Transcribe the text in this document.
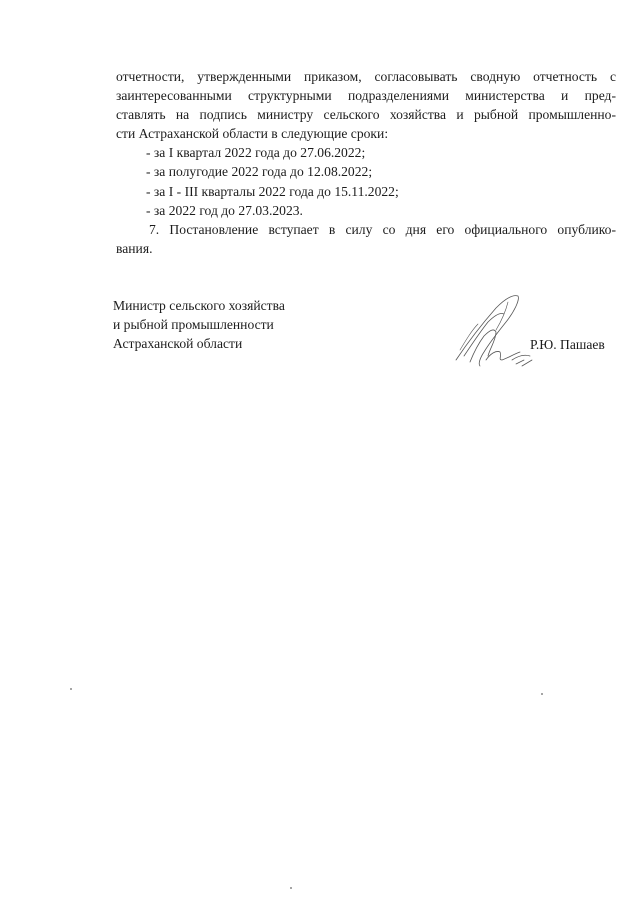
отчетности, утвержденными приказом, согласовывать сводную отчетность с
заинтересованными структурными подразделениями министерства и пред-
ставлять на подпись министру сельского хозяйства и рыбной промышленно-
сти Астраханской области в следующие сроки:
- за I квартал 2022 года до 27.06.2022;
- за полугодие 2022 года до 12.08.2022;
- за I - III кварталы 2022 года до 15.11.2022;
- за 2022 год до 27.03.2023.
7. Постановление вступает в силу со дня его официального опублико-
вания.
Министр сельского хозяйства
и рыбной промышленности
Астраханской области	Р.Ю. Пашаев
